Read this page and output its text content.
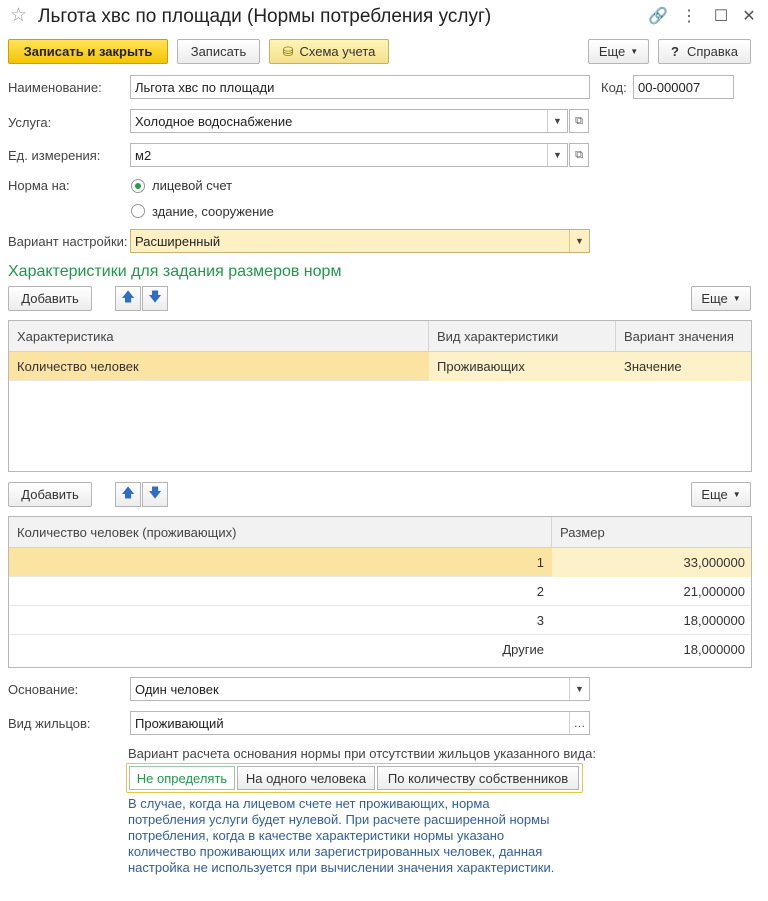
☆ Льгота хвс по площади (Нормы потребления услуг)	🔗 ⋮ ☐ ✕
Записать и закрыть	Записать	⛁ Схема учета	Еще ▼	? Справка
Наименование:	Льгота хвс по площади	Код: 00-000007
Услуга:	Холодное водоснабжение	▼	⧉
Ед. измерения:	м2	▼	⧉
Норма на:	лицевой счет
здание, сооружение
Вариант настройки: Расширенный	▼
Характеристики для задания размеров норм
Добавить	🡅	🡇	Еще ▼
Характеристика	Вид характеристики	Вариант значения
Количество человек	Проживающих	Значение
Добавить	🡅	🡇	Еще ▼
Количество человек (проживающих)	Размер
1	33,000000
2	21,000000
3	18,000000
Другие	18,000000
Основание:	Один человек	▼
Вид жильцов:	Проживающий	…
Вариант расчета основания нормы при отсутствии жильцов указанного вида:
Не определять	На одного человека	По количеству собственников
В случае, когда на лицевом счете нет проживающих, норма потребления услуги будет нулевой. При расчете расширенной нормы потребления, когда в качестве характеристики нормы указано количество проживающих или зарегистрированных человек, данная настройка не используется при вычислении значения характеристики.
